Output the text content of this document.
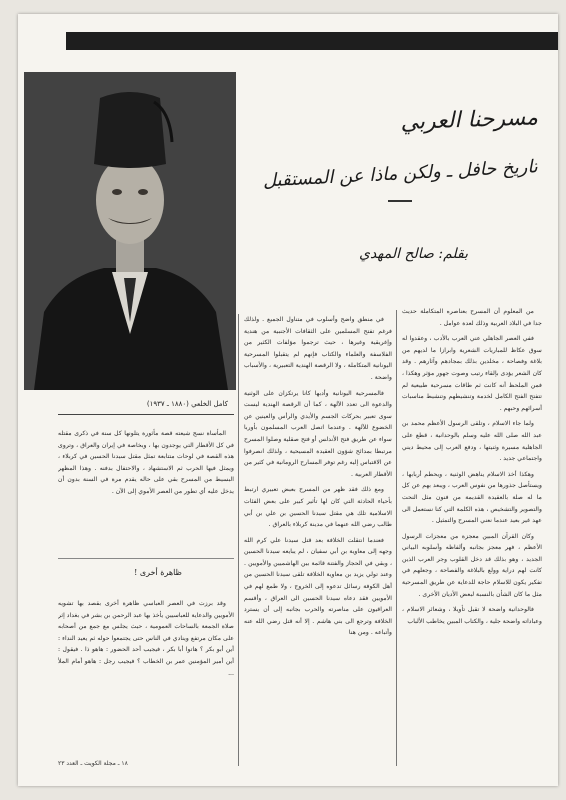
كامل الخلعي (١٨٨٠ ـ ١٩٣٧)
مسرحنا العربي
تاريخ حافل ـ ولكن ماذا عن المستقبل
بقلم: صالح المهدي

من المعلوم أن المسرح بعناصره المتكاملة حديث جدا في البلاد العربية وذلك لعدة عوامل .

ففي العصر الجاهلي عني العرب بالأدب ، وعقدوا له سوق عكاظ للمباريات الشعرية وابرازا ما لديهم من بلاغة وفصاحة ، مخلدين بذلك بمجادهم وآثارهم . وقد كان الشعر يؤدى بإلقاء رتيب وصوت جهور مؤثر وهكذا ، فمن الملحظ أنه كانت ثم طاقات مسرحية طبيعية لم تتفتح الفتح الكامل لخدمة وتنشيطهم وتنشيط مناسبات أسرائهم وحبهم .

ولما جاء الاسلام ، وتلقى الرسول الأعظم محمد بن عبد الله صلى الله عليه وسلم بالوحدانية ، قطع على الجاهلية مسيرة وثنيتها ، ودفع العرب إلى محيط ديني واجتماعي جديد .

وهكذا أخذ الاسلام يناهض الوثنية ، ويحطم أربابها ، ويستأصل جذورها من نفوس العرب ، ويبعد بهم عن كل ما له صلة بالعقيدة القديمة من فنون مثل النحت والتصوير والتشخيص ، هذه الكلمة التي كنا نستعمل الى عهد غير بعيد عندما نعني المسرح والتمثيل .

وكان القرآن المبين معجزة من معجزات الرسول الأعظم ، فهر معجز بجانبه وألفاظه وأسلوبه البياني الجديد ، وهو بذلك قد دخل القلوب وجر العرب الذين كانت لهم دراية وولع بالبلاغة والفصاحة ، وجعلهم في تفكير يكون للاسلام حاجة للدعاية عن طريق المسرحية مثل ما كان الشأن بالنسبة لبعض الأديان الأخرى .

فالوحدانية واضحة لا تقبل تأويلا ، وشعائر الاسلام ، وعباداته واضحة جلية ، والكتاب المبين يخاطب الألباب

في منطق واضح وأسلوب في متناول الجميع . ولذلك فرغم تفتح المسلمين على الثقافات الأجنبية من هندية وإغريقية وغيرها ، حيث ترجموا مؤلفات الكثير من الفلاسفة والعلماء والكتاب فإنهم لم يتقبلوا المسرحية اليونانية المتكاملة ، ولا الرقصة الهندية التعبيرية ، والأسباب واضحة .

فالمسرحية اليونانية وأدبها كانا يرتكزان على الوثنية والدعوة الى تعدد الآلهة ، كما أن الرقصة الهندية ليست سوى تعبير بحركات الجسم والأيدي والرأس والعينين عن الخضوع للآلهة . وعندما اتصل العرب المسلمون بأوربا سواء عن طريق فتح الأندلس أو فتح صقلية وصلوا المسرح مرتبطا بمدائح شؤون العقيدة المسيحية ، ولذلك انصرفوا عن الاقتباس إليه رغم توفر المسارح الرومانية في كثير من الأقطار العربية .

ومع ذلك فقد ظهر من المسرح بعبض تعبيري ارتبط بأحياء الحادثة التي كان لها تأثير كبير على بعض الفئات الاسلامية تلك هي مقتل سيدنا الحسين بن علي بن أبي طالب رضي الله عنهما في مدينة كربلاء بالعراق .

فعندما انتقلت الخلافة بعد قتل سيدنا علي كرم الله وجهه إلى معاوية بن أبي سفيان ، لم يبايعه سيدنا الحسين ، وبقي في الحجاز والفتنة قائمة بين الهاشميين والأمويين . وعند تولي يزيد بن معاوية الخلافة تلقى سيدنا الحسين من أهل الكوفة رسائل تدعوه إلى الخروج ، ولا طمع لهم في الأمويين فقد دعاه سيدنا الحسين الى العراق ، وأقسم العراقيون على مناصرته والحرب بجانبه إلى أن يسترد الخلافة وترجع الى بني هاشم . إلا أنه قتل رضي الله عنه وأتباعه . ومن هنا

المأساة نسج شيعته قصة مأثورة يتلونها كل سنة في ذكرى مقتله في كل الأقطار التي يوجدون بها ، وبخاصة في إيران والعراق ، وتروى هذه القصة في لوحات متتابعة تمثل مقتل سيدنا الحسين في كربلاء ، ويمثل فيها الحرب ثم الاستشهاد ، والاحتفال بدفنه . وهذا المظهر البسيط من المسرح بقي على حاله يقدم مرة في السنة بدون أن يدخل عليه أي تطور من العصر الأموي إلى الآن .

ظاهرة أخرى !

وقد برزت في العصر العباسي ظاهرة أخرى بقصد بها تشويه الأمويين والدعاية للعباسيين يأخذ بها عبد الرحمن بن بشر في بغداد إثر صلاة الجمعة بالساحات العمومية ، حيث يجلس مع جمع من أصحابه على مكان مرتفع وينادي في الناس حتى يجتمعوا حوله ثم يعيد النداء : أين أبو بكر ؟ هاتوا أبا بكر ، فيجيب أحد الحضور : هاهو ذا . فيقول : أين أمير المؤمنين عمر بن الخطاب ؟ فيجيب رجل : هاهو أمام الملأ ...

١٨ ـ مجلة الكويت ـ العدد ٢٣
